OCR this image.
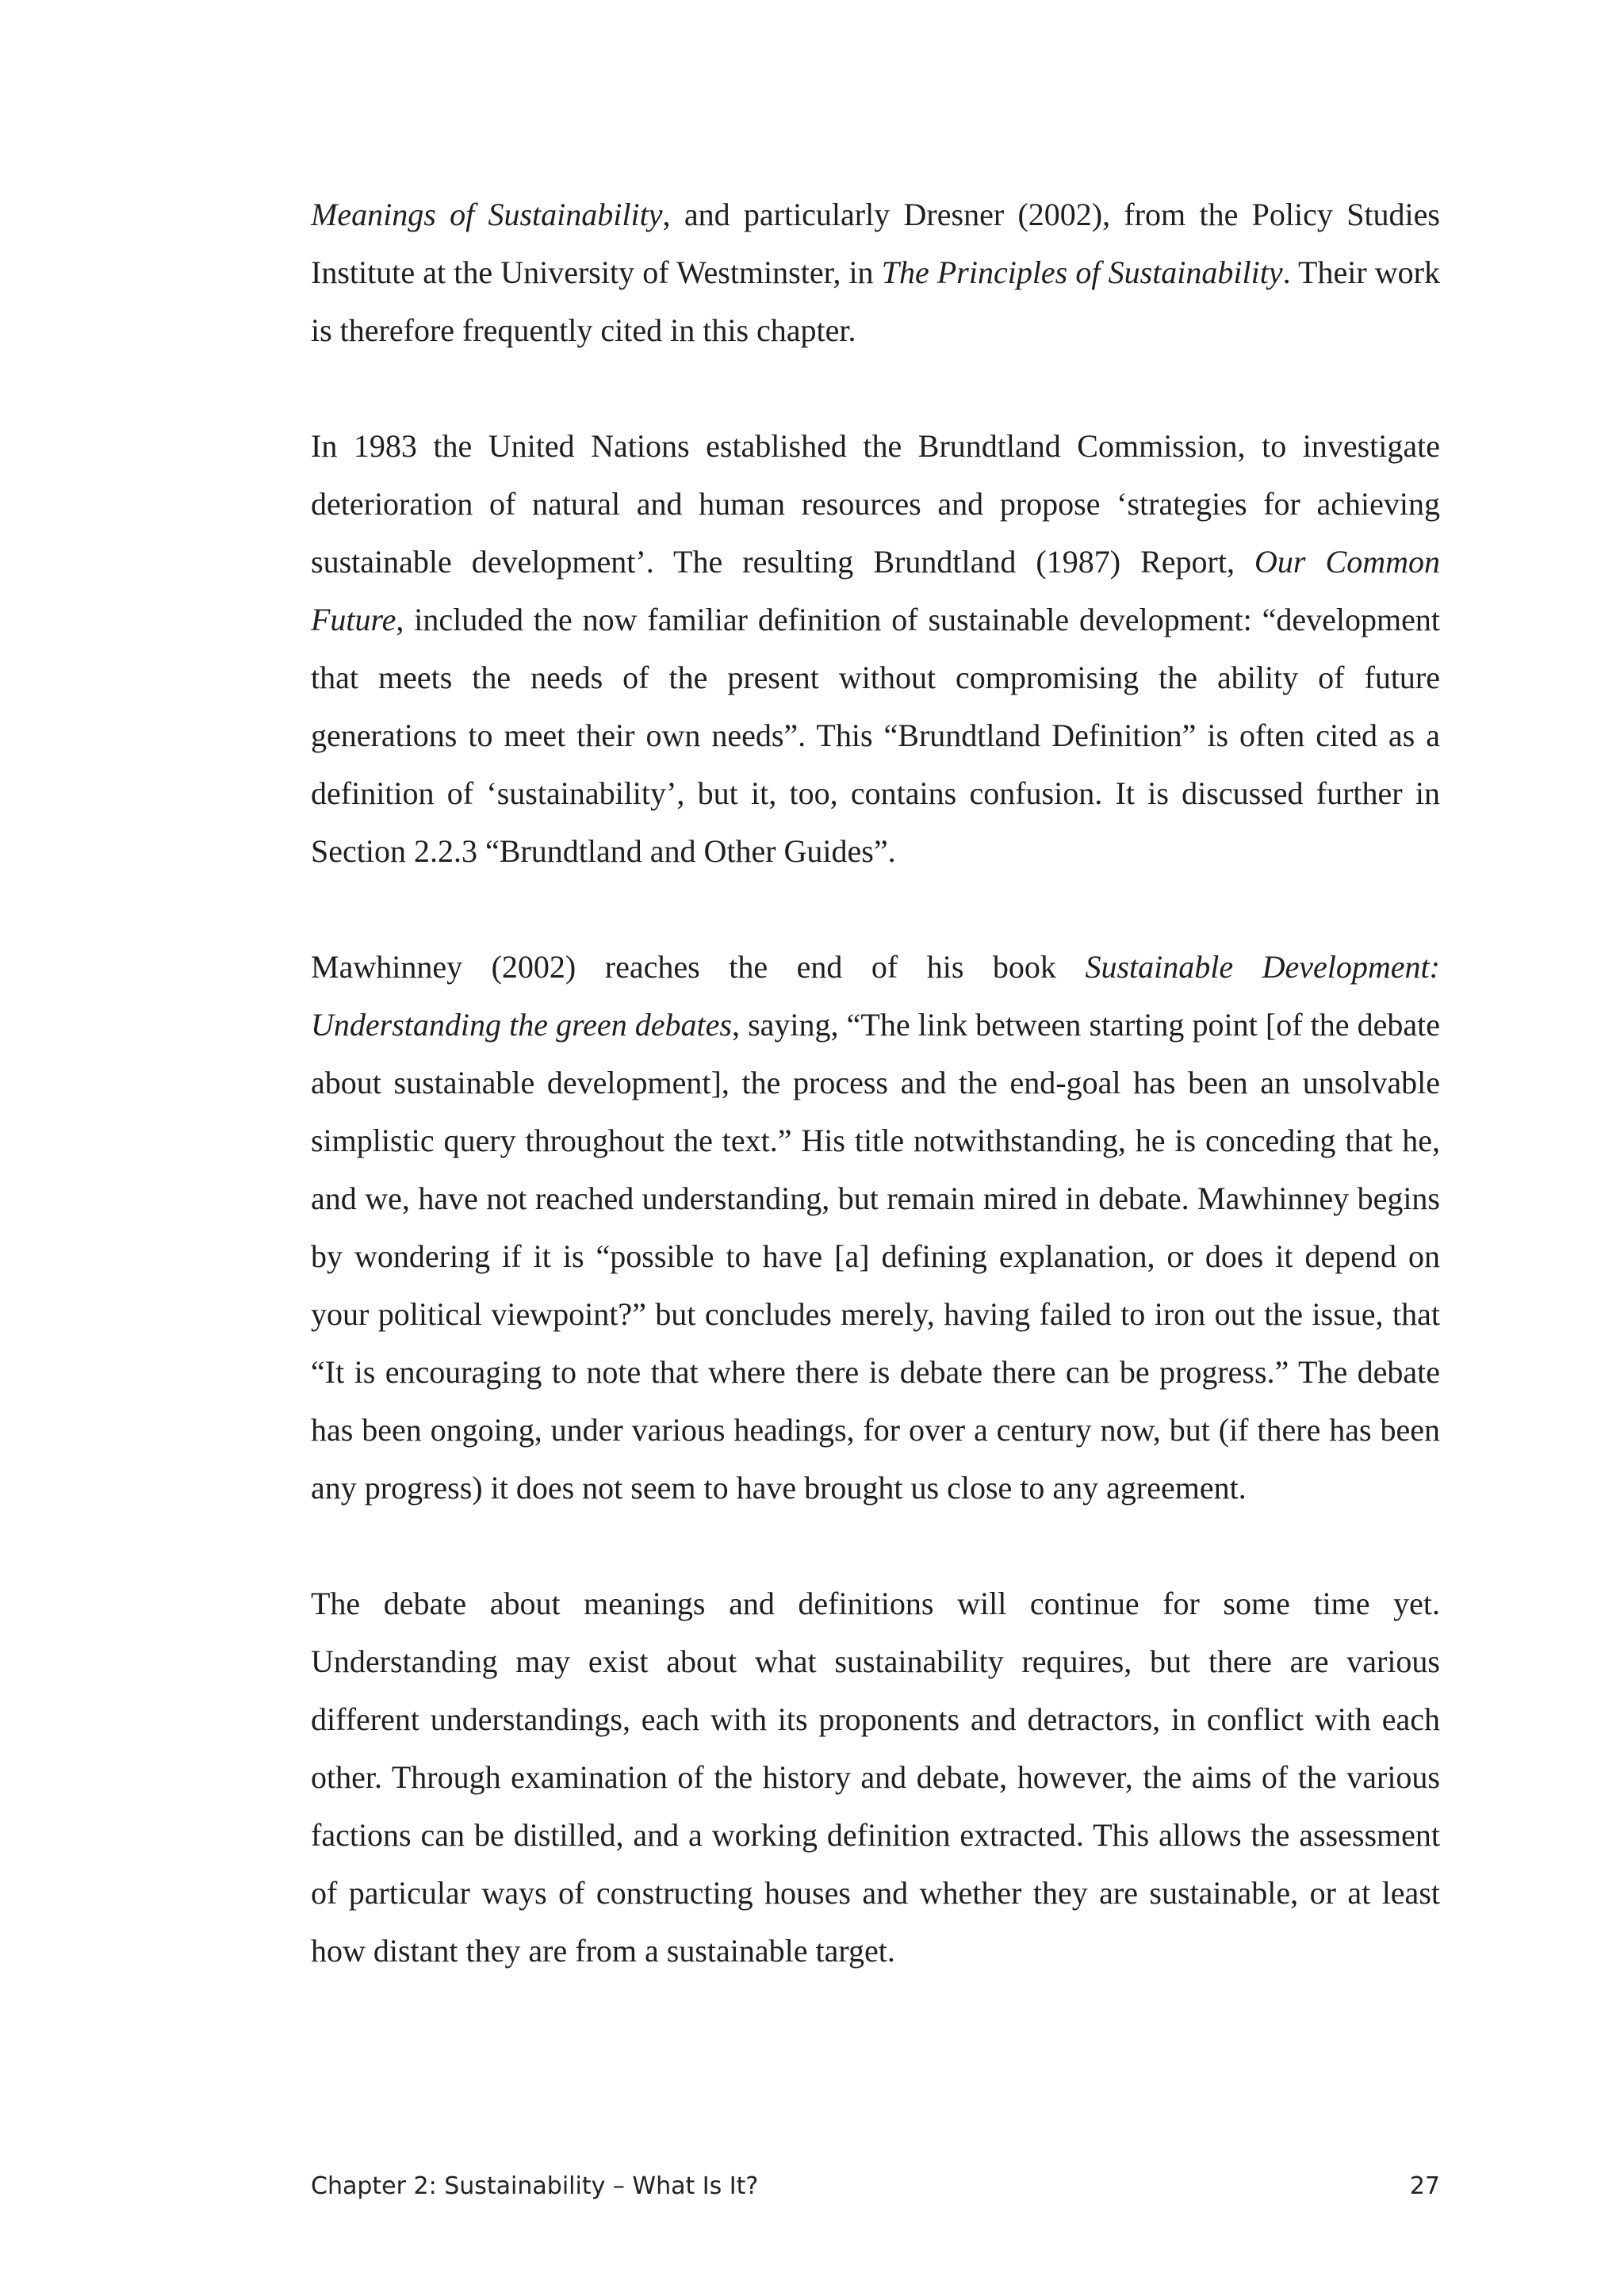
Meanings of Sustainability, and particularly Dresner (2002), from the Policy Studies Institute at the University of Westminster, in The Principles of Sustainability. Their work is therefore frequently cited in this chapter.

In 1983 the United Nations established the Brundtland Commission, to investigate deterioration of natural and human resources and propose ‘strategies for achieving sustainable development’. The resulting Brundtland (1987) Report, Our Common Future, included the now familiar definition of sustainable development: “development that meets the needs of the present without compromising the ability of future generations to meet their own needs”. This “Brundtland Definition” is often cited as a definition of ‘sustainability’, but it, too, contains confusion. It is discussed further in Section 2.2.3 “Brundtland and Other Guides”.

Mawhinney (2002) reaches the end of his book Sustainable Development: Understanding the green debates, saying, “The link between starting point [of the debate about sustainable development], the process and the end-goal has been an unsolvable simplistic query throughout the text.” His title notwithstanding, he is conceding that he, and we, have not reached understanding, but remain mired in debate. Mawhinney begins by wondering if it is “possible to have [a] defining explanation, or does it depend on your political viewpoint?” but concludes merely, having failed to iron out the issue, that “It is encouraging to note that where there is debate there can be progress.” The debate has been ongoing, under various headings, for over a century now, but (if there has been any progress) it does not seem to have brought us close to any agreement.

The debate about meanings and definitions will continue for some time yet. Understanding may exist about what sustainability requires, but there are various different understandings, each with its proponents and detractors, in conflict with each other. Through examination of the history and debate, however, the aims of the various factions can be distilled, and a working definition extracted. This allows the assessment of particular ways of constructing houses and whether they are sustainable, or at least how distant they are from a sustainable target.

Chapter 2: Sustainability – What Is It?	27
